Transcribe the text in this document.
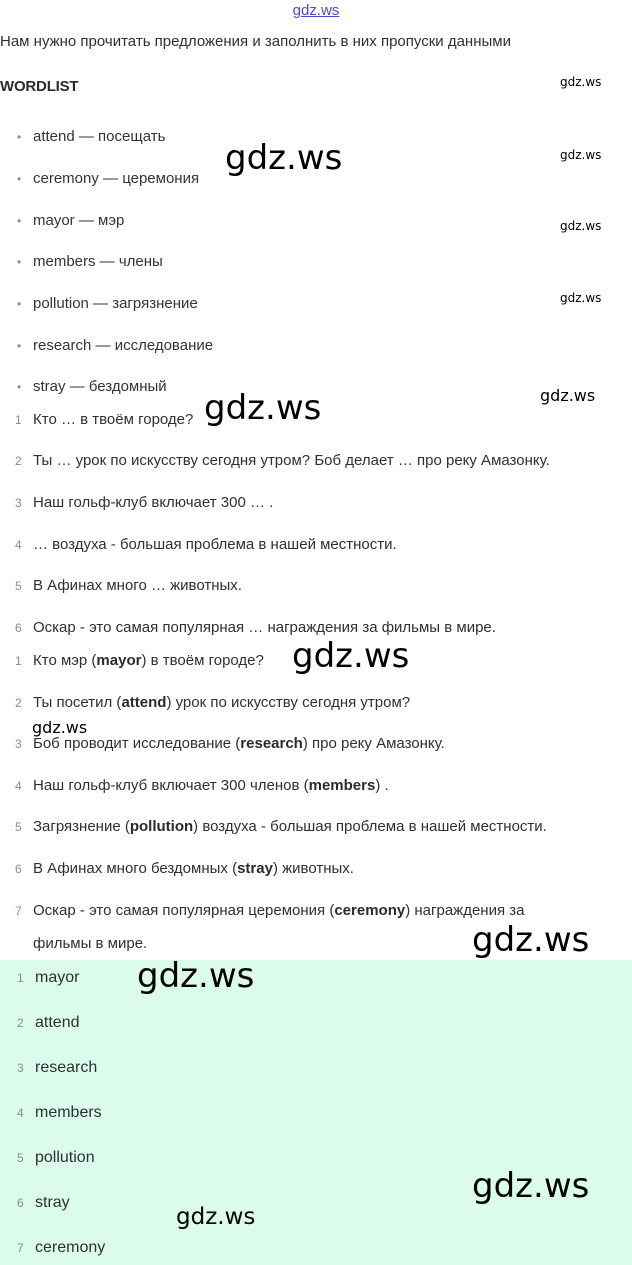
gdz.ws
Нам нужно прочитать предложения и заполнить в них пропуски данными
WORDLIST
• attend — посещать
• ceremony — церемония
• mayor — мэр
• members — члены
• pollution — загрязнение
• research — исследование
• stray — бездомный
1 Кто … в твоём городе?
2 Ты … урок по искусству сегодня утром? Боб делает … про реку Амазонку.
3 Наш гольф-клуб включает 300 … .
4 … воздуха - большая проблема в нашей местности.
5 В Афинах много … животных.
6 Оскар - это самая популярная … награждения за фильмы в мире.
1 Кто мэр (mayor) в твоём городе?
2 Ты посетил (attend) урок по искусству сегодня утром?
3 Боб проводит исследование (research) про реку Амазонку.
4 Наш гольф-клуб включает 300 членов (members) .
5 Загрязнение (pollution) воздуха - большая проблема в нашей местности.
6 В Афинах много бездомных (stray) животных.
7 Оскар - это самая популярная церемония (ceremony) награждения за
фильмы в мире.
1 mayor
2 attend
3 research
4 members
5 pollution
6 stray
7 ceremony
gdz.ws
gdz.ws	gdz.ws
gdz.ws
gdz.ws
gdz.ws	gdz.ws
gdz.ws
gdz.ws
gdz.ws
gdz.ws
gdz.ws
gdz.ws
